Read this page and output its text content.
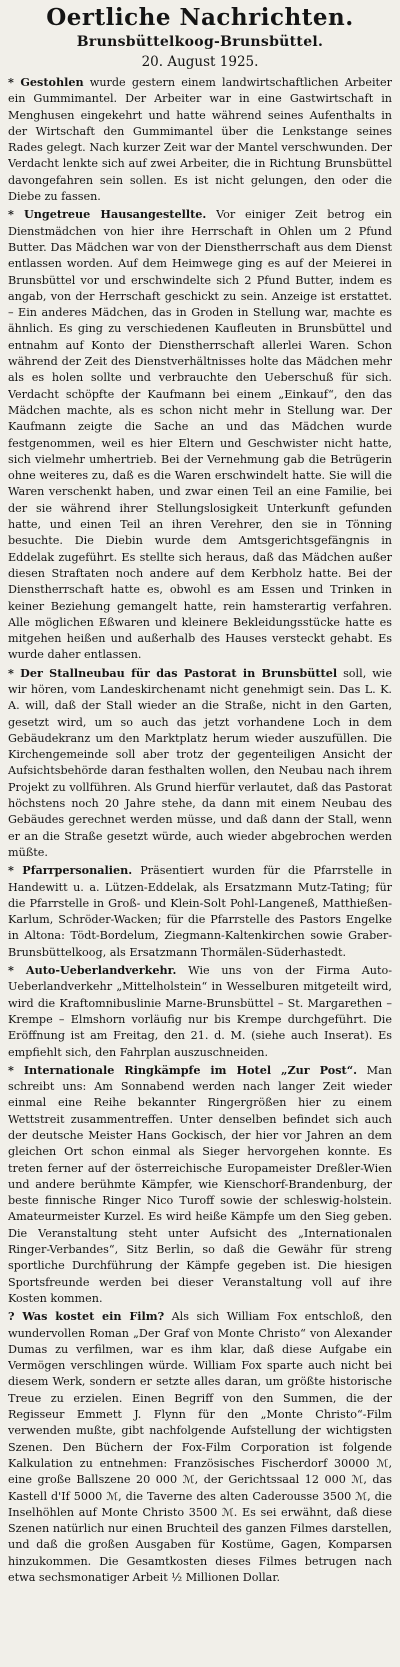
Oertliche Nachrichten.

Brunsbüttelkoog-Brunsbüttel.

20. August 1925.

* Gestohlen wurde gestern einem landwirtschaftlichen Arbeiter ein Gummimantel. Der Arbeiter war in eine Gastwirtschaft in Menghusen eingekehrt und hatte während seines Aufenthalts in der Wirtschaft den Gummimantel über die Lenkstange seines Rades gelegt. Nach kurzer Zeit war der Mantel verschwunden. Der Verdacht lenkte sich auf zwei Arbeiter, die in Richtung Brunsbüttel davongefahren sein sollen. Es ist nicht gelungen, den oder die Diebe zu fassen.

* Ungetreue Hausangestellte. Vor einiger Zeit betrog ein Dienstmädchen von hier ihre Herrschaft in Ohlen um 2 Pfund Butter. Das Mädchen war von der Dienstherrschaft aus dem Dienst entlassen worden. Auf dem Heimwege ging es auf der Meierei in Brunsbüttel vor und erschwindelte sich 2 Pfund Butter, indem es angab, von der Herrschaft geschickt zu sein. Anzeige ist erstattet. – Ein anderes Mädchen, das in Groden in Stellung war, machte es ähnlich. Es ging zu verschiedenen Kaufleuten in Brunsbüttel und entnahm auf Konto der Dienstherrschaft allerlei Waren. Schon während der Zeit des Dienstverhältnisses holte das Mädchen mehr als es holen sollte und verbrauchte den Ueberschuß für sich. Verdacht schöpfte der Kaufmann bei einem „Einkauf“, den das Mädchen machte, als es schon nicht mehr in Stellung war. Der Kaufmann zeigte die Sache an und das Mädchen wurde festgenommen, weil es hier Eltern und Geschwister nicht hatte, sich vielmehr umhertrieb. Bei der Vernehmung gab die Betrügerin ohne weiteres zu, daß es die Waren erschwindelt hatte. Sie will die Waren verschenkt haben, und zwar einen Teil an eine Familie, bei der sie während ihrer Stellungslosigkeit Unterkunft gefunden hatte, und einen Teil an ihren Verehrer, den sie in Tönning besuchte. Die Diebin wurde dem Amtsgerichtsgefängnis in Eddelak zugeführt. Es stellte sich heraus, daß das Mädchen außer diesen Straftaten noch andere auf dem Kerbholz hatte. Bei der Dienstherrschaft hatte es, obwohl es am Essen und Trinken in keiner Beziehung gemangelt hatte, rein hamsterartig verfahren. Alle möglichen Eßwaren und kleinere Bekleidungsstücke hatte es mitgehen heißen und außerhalb des Hauses versteckt gehabt. Es wurde daher entlassen.

* Der Stallneubau für das Pastorat in Brunsbüttel soll, wie wir hören, vom Landeskirchenamt nicht genehmigt sein. Das L. K. A. will, daß der Stall wieder an die Straße, nicht in den Garten, gesetzt wird, um so auch das jetzt vorhandene Loch in dem Gebäudekranz um den Marktplatz herum wieder auszufüllen. Die Kirchengemeinde soll aber trotz der gegenteiligen Ansicht der Aufsichtsbehörde daran festhalten wollen, den Neubau nach ihrem Projekt zu vollführen. Als Grund hierfür verlautet, daß das Pastorat höchstens noch 20 Jahre stehe, da dann mit einem Neubau des Gebäudes gerechnet werden müsse, und daß dann der Stall, wenn er an die Straße gesetzt würde, auch wieder abgebrochen werden müßte.

* Pfarrpersonalien. Präsentiert wurden für die Pfarrstelle in Handewitt u. a. Lützen-Eddelak, als Ersatzmann Mutz-Tating; für die Pfarrstelle in Groß- und Klein-Solt Pohl-Langeneß, Matthießen-Karlum, Schröder-Wacken; für die Pfarrstelle des Pastors Engelke in Altona: Tödt-Bordelum, Ziegmann-Kaltenkirchen sowie Graber-Brunsbüttelkoog, als Ersatzmann Thormälen-Süderhastedt.

* Auto-Ueberlandverkehr. Wie uns von der Firma Auto-Ueberlandverkehr „Mittelholstein“ in Wesselburen mitgeteilt wird, wird die Kraftomnibuslinie Marne-Brunsbüttel – St. Margarethen – Krempe – Elmshorn vorläufig nur bis Krempe durchgeführt. Die Eröffnung ist am Freitag, den 21. d. M. (siehe auch Inserat). Es empfiehlt sich, den Fahrplan auszuschneiden.

* Internationale Ringkämpfe im Hotel „Zur Post“. Man schreibt uns: Am Sonnabend werden nach langer Zeit wieder einmal eine Reihe bekannter Ringergrößen hier zu einem Wettstreit zusammentreffen. Unter denselben befindet sich auch der deutsche Meister Hans Gockisch, der hier vor Jahren an dem gleichen Ort schon einmal als Sieger hervorgehen konnte. Es treten ferner auf der österreichische Europameister Dreßler-Wien und andere berühmte Kämpfer, wie Kienschorf-Brandenburg, der beste finnische Ringer Nico Turoff sowie der schleswig-holstein. Amateurmeister Kurzel. Es wird heiße Kämpfe um den Sieg geben. Die Veranstaltung steht unter Aufsicht des „Internationalen Ringer-Verbandes“, Sitz Berlin, so daß die Gewähr für streng sportliche Durchführung der Kämpfe gegeben ist. Die hiesigen Sportsfreunde werden bei dieser Veranstaltung voll auf ihre Kosten kommen.

? Was kostet ein Film? Als sich William Fox entschloß, den wundervollen Roman „Der Graf von Monte Christo“ von Alexander Dumas zu verfilmen, war es ihm klar, daß diese Aufgabe ein Vermögen verschlingen würde. William Fox sparte auch nicht bei diesem Werk, sondern er setzte alles daran, um größte historische Treue zu erzielen. Einen Begriff von den Summen, die der Regisseur Emmett J. Flynn für den „Monte Christo“-Film verwenden mußte, gibt nachfolgende Aufstellung der wichtigsten Szenen. Den Büchern der Fox-Film Corporation ist folgende Kalkulation zu entnehmen: Französisches Fischerdorf 30000 ℳ, eine große Ballszene 20 000 ℳ, der Gerichtssaal 12 000 ℳ, das Kastell d'If 5000 ℳ, die Taverne des alten Caderousse 3500 ℳ, die Inselhöhlen auf Monte Christo 3500 ℳ. Es sei erwähnt, daß diese Szenen natürlich nur einen Bruchteil des ganzen Filmes darstellen, und daß die großen Ausgaben für Kostüme, Gagen, Komparsen hinzukommen. Die Gesamtkosten dieses Filmes betrugen nach etwa sechsmonatiger Arbeit ½ Millionen Dollar.
